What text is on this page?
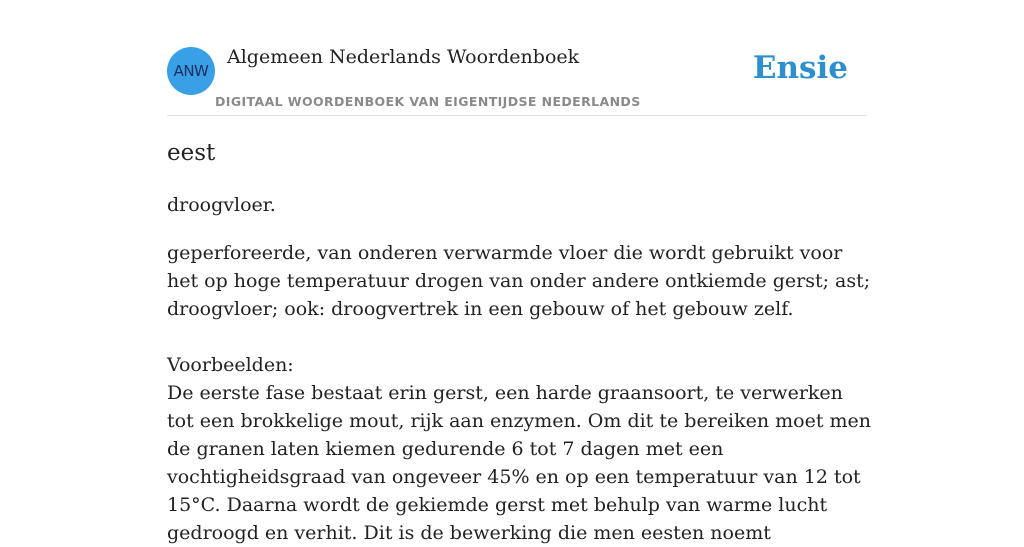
ANW
Algemeen Nederlands Woordenboek
DIGITAAL WOORDENBOEK VAN EIGENTIJDSE NEDERLANDS
Ensie
eest
droogvloer.

geperforeerde, van onderen verwarmde vloer die wordt gebruikt voor het op hoge temperatuur drogen van onder andere ontkiemde gerst; ast; droogvloer; ook: droogvertrek in een gebouw of het gebouw zelf.

Voorbeelden:

De eerste fase bestaat erin gerst, een harde graansoort, te verwerken tot een brokkelige mout, rijk aan enzymen. Om dit te bereiken moet men de granen laten kiemen gedurende 6 tot 7 dagen met een vochtigheidsgraad van ongeveer 45% en op een temperatuur van 12 tot 15°C. Daarna wordt de gekiemde gerst met behulp van warme lucht gedroogd en verhit. Dit is de bewerking die men eesten noemt
